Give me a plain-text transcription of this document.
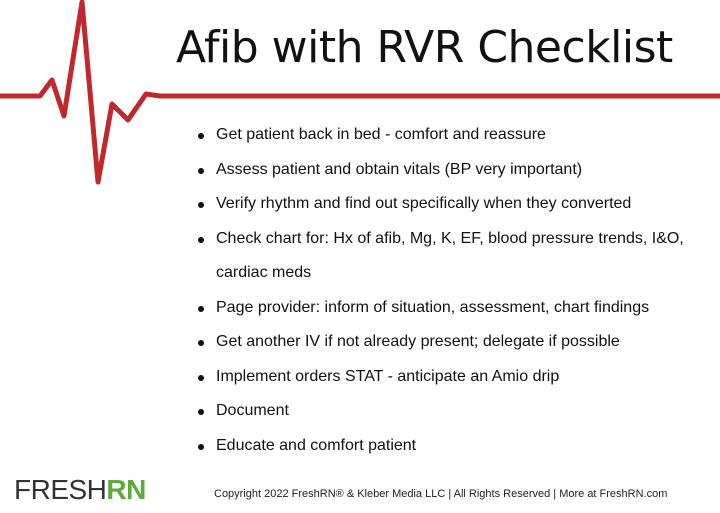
Afib with RVR Checklist
Get patient back in bed - comfort and reassure
Assess patient and obtain vitals (BP very important)
Verify rhythm and find out specifically when they converted
Check chart for: Hx of afib, Mg, K, EF, blood pressure trends, I&O, cardiac meds
Page provider: inform of situation, assessment, chart findings
Get another IV if not already present; delegate if possible
Implement orders STAT - anticipate an Amio drip
Document
Educate and comfort patient
FRESHRN	Copyright 2022 FreshRN® & Kleber Media LLC | All Rights Reserved | More at FreshRN.com
